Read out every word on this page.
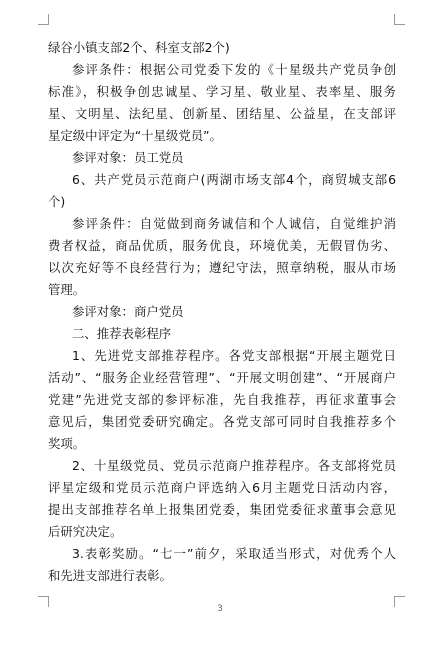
绿谷小镇支部2个、科室支部2个)
参评条件：根据公司党委下发的《十星级共产党员争创
标准》，积极争创忠诚星、学习星、敬业星、表率星、服务
星、文明星、法纪星、创新星、团结星、公益星，在支部评
星定级中评定为“十星级党员”。
参评对象：员工党员
6、共产党员示范商户(两湖市场支部4个，商贸城支部6
个)
参评条件：自觉做到商务诚信和个人诚信，自觉维护消
费者权益，商品优质，服务优良，环境优美，无假冒伪劣、
以次充好等不良经营行为；遵纪守法，照章纳税，服从市场
管理。
参评对象：商户党员
二、推荐表彰程序
1、先进党支部推荐程序。各党支部根据“开展主题党日
活动”、“服务企业经营管理”、“开展文明创建”、“开展商户
党建”先进党支部的参评标准，先自我推荐，再征求董事会
意见后，集团党委研究确定。各党支部可同时自我推荐多个
奖项。
2、十星级党员、党员示范商户推荐程序。各支部将党员
评星定级和党员示范商户评选纳入6月主题党日活动内容，
提出支部推荐名单上报集团党委，集团党委征求董事会意见
后研究决定。
3.表彰奖励。“七一”前夕，采取适当形式，对优秀个人
和先进支部进行表彰。
3
